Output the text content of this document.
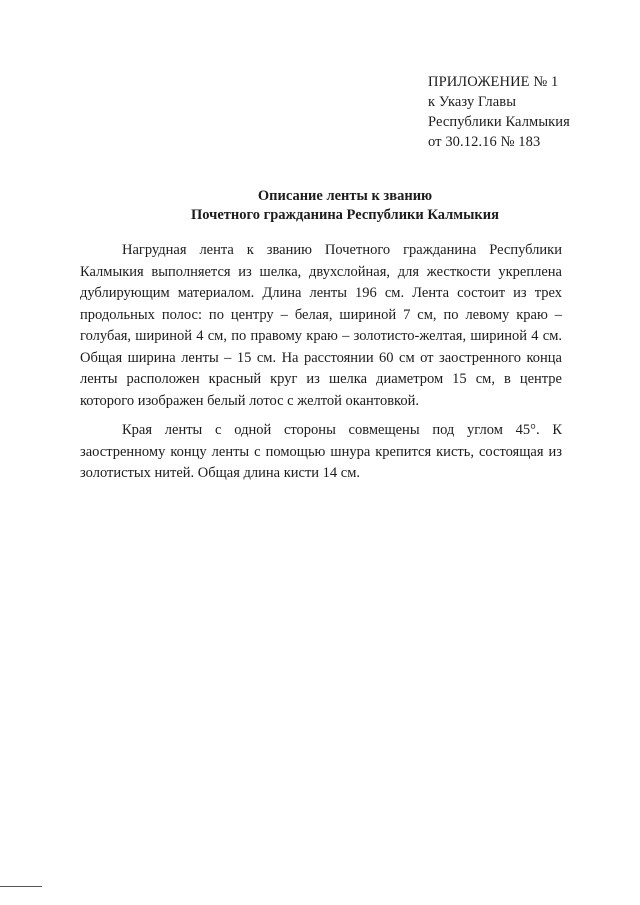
ПРИЛОЖЕНИЕ № 1
к Указу Главы
Республики Калмыкия
от 30.12.16 № 183
Описание ленты к званию
Почетного гражданина Республики Калмыкия

Нагрудная лента к званию Почетного гражданина Республики Калмыкия выполняется из шелка, двухслойная, для жесткости укреплена дублирующим материалом. Длина ленты 196 см. Лента состоит из трех продольных полос: по центру – белая, шириной 7 см, по левому краю – голубая, шириной 4 см, по правому краю – золотисто-желтая, шириной 4 см. Общая ширина ленты – 15 см. На расстоянии 60 см от заостренного конца ленты расположен красный круг из шелка диаметром 15 см, в центре которого изображен белый лотос с желтой окантовкой.

Края ленты с одной стороны совмещены под углом 45°. К заостренному концу ленты с помощью шнура крепится кисть, состоящая из золотистых нитей. Общая длина кисти 14 см.
